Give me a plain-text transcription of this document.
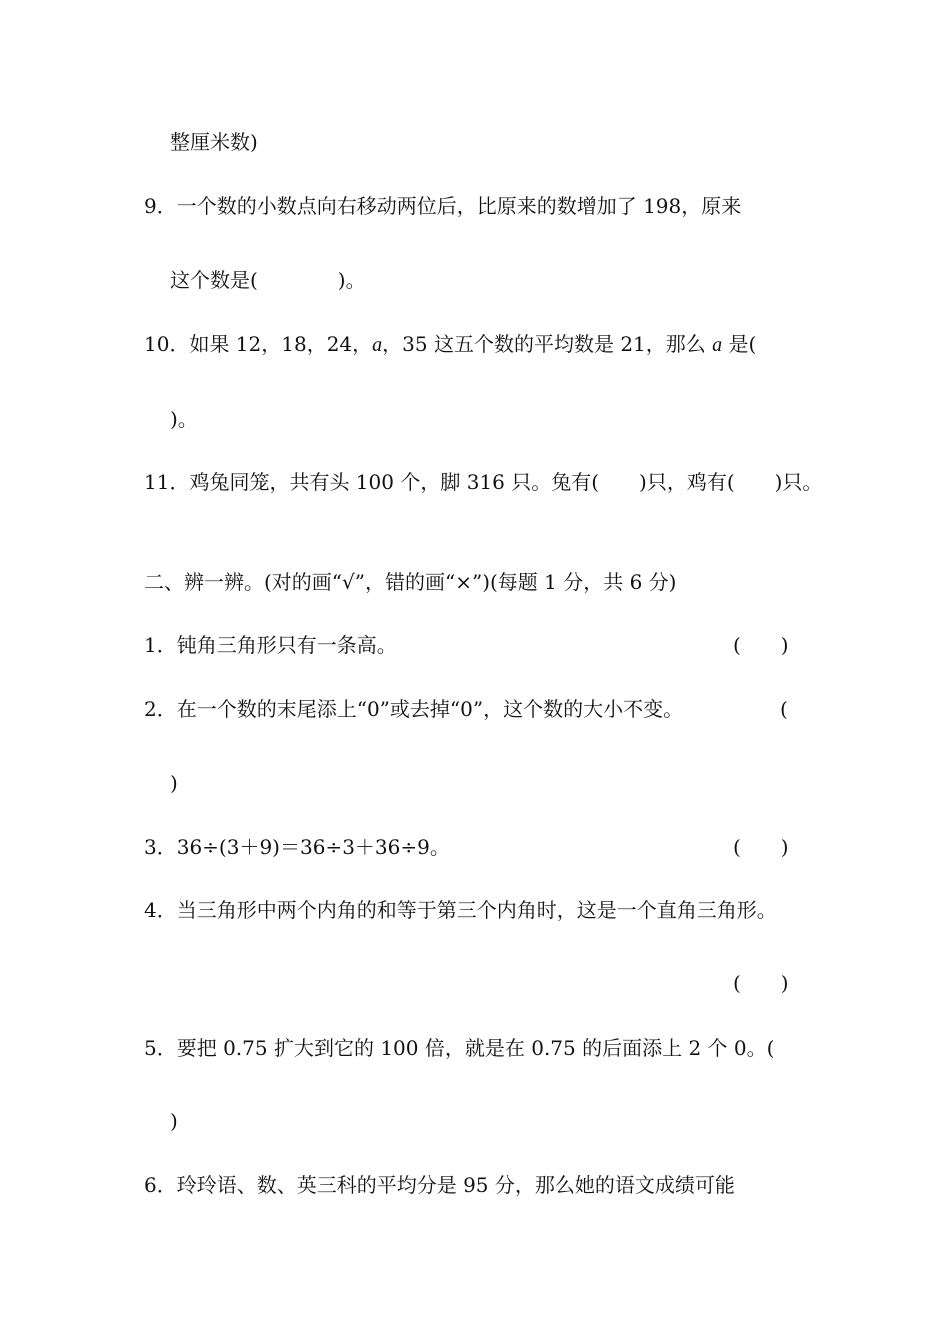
整厘米数)
9．一个数的小数点向右移动两位后，比原来的数增加了 198，原来
这个数是(　　　　)。
10．如果 12，18，24，a，35 这五个数的平均数是 21，那么 a 是(
)。
11．鸡兔同笼，共有头 100 个，脚 316 只。兔有(　　)只，鸡有(　　)只。
二、辨一辨。(对的画“√”，错的画“×”)(每题 1 分，共 6 分)
1．钝角三角形只有一条高。	(　　)
2．在一个数的末尾添上“0”或去掉“0”，这个数的大小不变。	(
)
3．36÷(3＋9)＝36÷3＋36÷9。	(　　)
4．当三角形中两个内角的和等于第三个内角时，这是一个直角三角形。
(　　)
5．要把 0.75 扩大到它的 100 倍，就是在 0.75 的后面添上 2 个 0。(
)
6．玲玲语、数、英三科的平均分是 95 分，那么她的语文成绩可能
